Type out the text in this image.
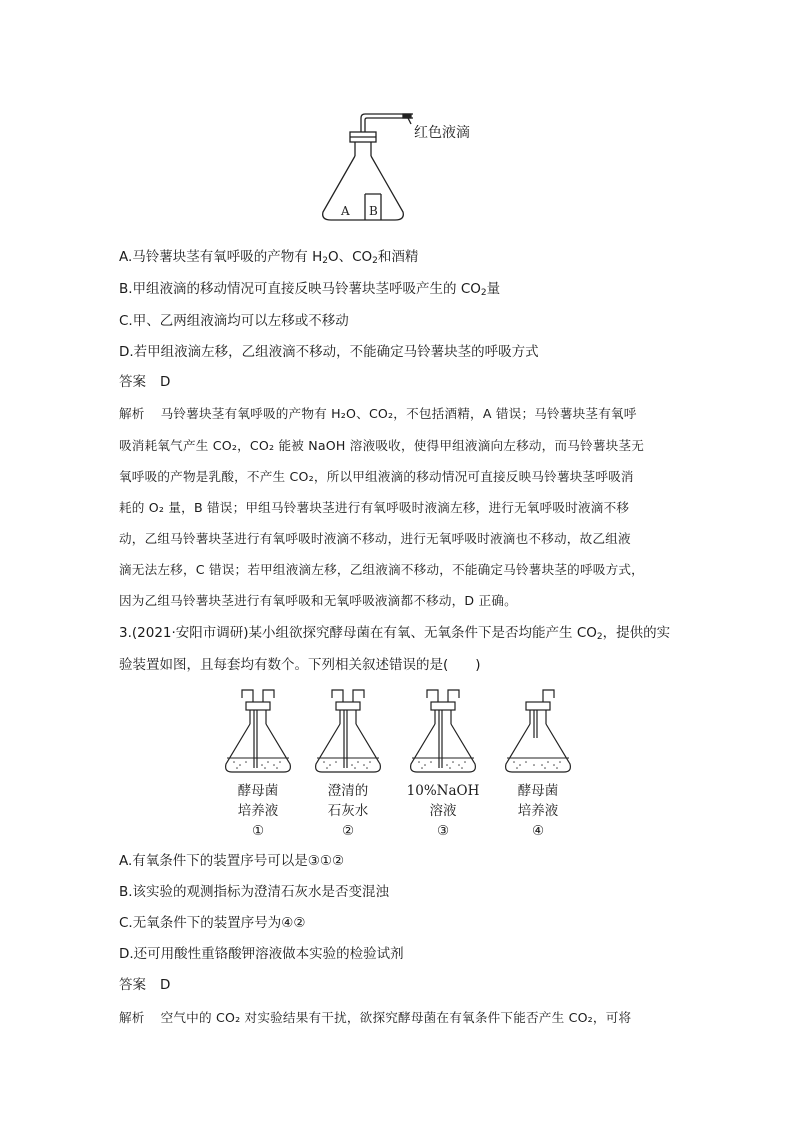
A B
红色液滴
A.马铃薯块茎有氧呼吸的产物有 $H_2O$、$CO_2$和酒精
B.甲组液滴的移动情况可直接反映马铃薯块茎呼吸产生的 $CO_2$量
C.甲、乙两组液滴均可以左移或不移动
D.若甲组液滴左移，乙组液滴不移动，不能确定马铃薯块茎的呼吸方式
答案 D
解析 马铃薯块茎有氧呼吸的产物有 H₂O、CO₂，不包括酒精，A 错误；马铃薯块茎有氧呼
吸消耗氧气产生 CO₂，CO₂ 能被 NaOH 溶液吸收，使得甲组液滴向左移动，而马铃薯块茎无
氧呼吸的产物是乳酸，不产生 CO₂，所以甲组液滴的移动情况可直接反映马铃薯块茎呼吸消
耗的 O₂ 量，B 错误；甲组马铃薯块茎进行有氧呼吸时液滴左移，进行无氧呼吸时液滴不移
动，乙组马铃薯块茎进行有氧呼吸时液滴不移动，进行无氧呼吸时液滴也不移动，故乙组液
滴无法左移，C 错误；若甲组液滴左移，乙组液滴不移动，不能确定马铃薯块茎的呼吸方式，
因为乙组马铃薯块茎进行有氧呼吸和无氧呼吸液滴都不移动，D 正确。
3.(2021·安阳市调研)某小组欲探究酵母菌在有氧、无氧条件下是否均能产生 $CO_2$，提供的实
验装置如图，且每套均有数个。下列相关叙述错误的是(　　)
酵母菌
培养液
①
澄清的
石灰水
②
10%NaOH
溶液
③
酵母菌
培养液
④
A.有氧条件下的装置序号可以是③①②
B.该实验的观测指标为澄清石灰水是否变混浊
C.无氧条件下的装置序号为④②
D.还可用酸性重铬酸钾溶液做本实验的检验试剂
答案 D
解析 空气中的 CO₂ 对实验结果有干扰，欲探究酵母菌在有氧条件下能否产生 CO₂，可将
